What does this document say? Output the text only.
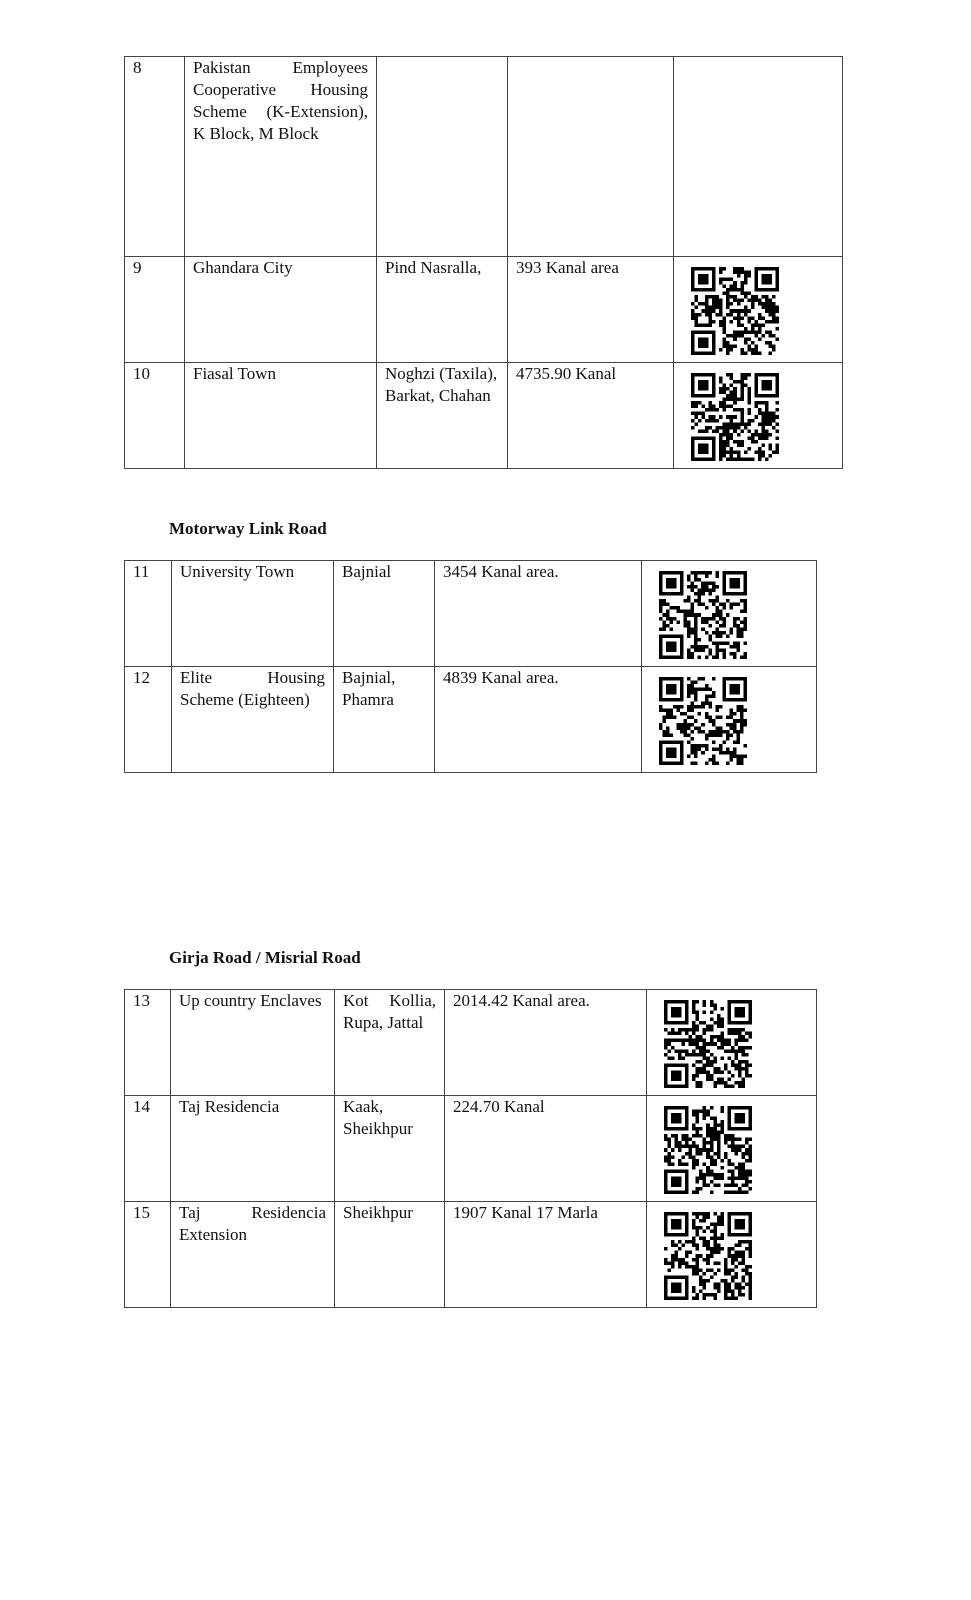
8	Pakistan Employees Cooperative Housing Scheme (K-Extension), K Block, M Block			

9	Ghandara City	Pind Nasralla,	393 Kanal area	

10	Fiasal Town	Noghzi (Taxila), Barkat, Chahan	4735.90 Kanal	
Motorway Link Road
11	University Town	Bajnial	3454 Kanal area.	

12	Elite Housing Scheme (Eighteen)	Bajnial, Phamra	4839 Kanal area.	
Girja Road / Misrial Road
13	Up country Enclaves	Kot Kollia, Rupa, Jattal	2014.42 Kanal area.	

14	Taj Residencia	Kaak, Sheikhpur	224.70 Kanal	

15	Taj Residencia Extension	Sheikhpur	1907 Kanal 17 Marla	
